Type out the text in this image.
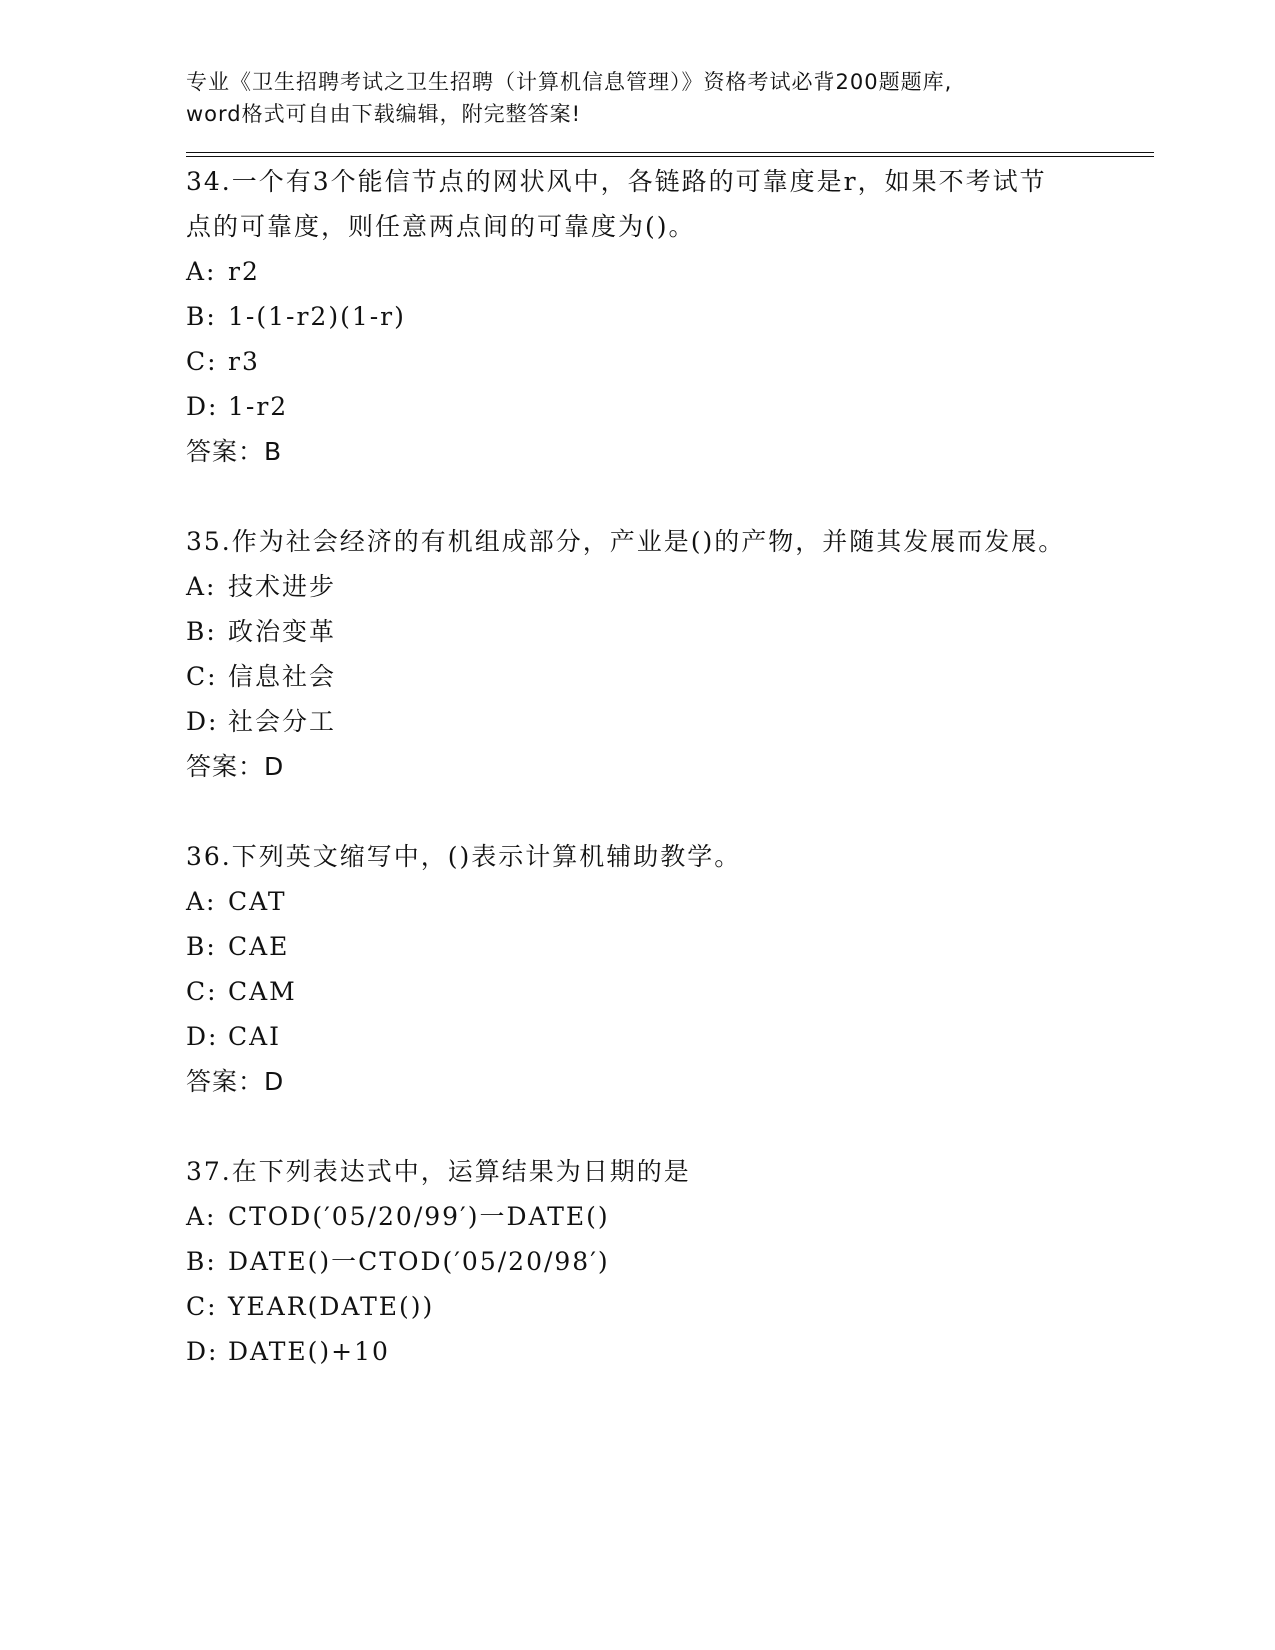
专业《卫生招聘考试之卫生招聘（计算机信息管理）》资格考试必背200题题库,

word格式可自由下载编辑，附完整答案!

34.一个有3个能信节点的网状风中，各链路的可靠度是r，如果不考试节点的可靠度，则任意两点间的可靠度为()。

A: r2

B: 1-(1-r2)(1-r)

C: r3

D: 1-r2

答案：B

35.作为社会经济的有机组成部分，产业是()的产物，并随其发展而发展。

A: 技术进步

B: 政治变革

C: 信息社会

D: 社会分工

答案：D

36.下列英文缩写中，()表示计算机辅助教学。

A: CAT

B: CAE

C: CAM

D: CAI

答案：D

37.在下列表达式中，运算结果为日期的是

A: CTOD(′05/20/99′)一DATE()

B: DATE()一CTOD(′05/20/98′)

C: YEAR(DATE())

D: DATE()+10
